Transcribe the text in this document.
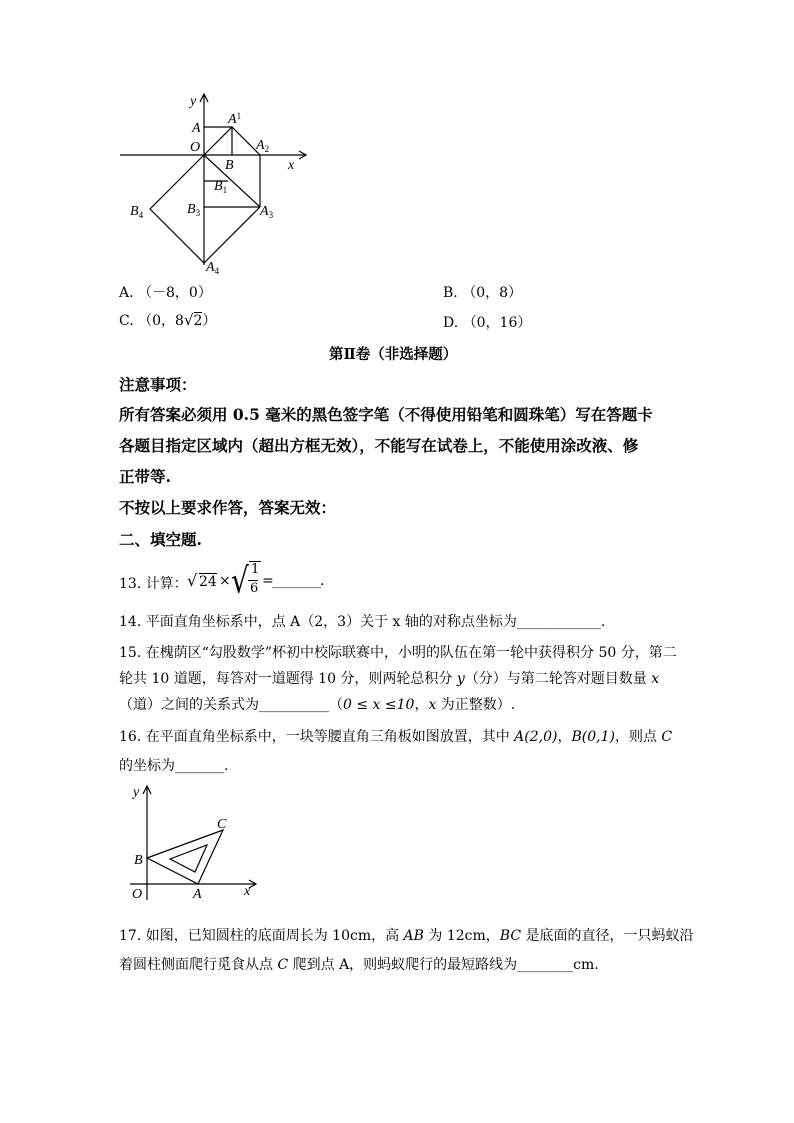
y
x
A
$A^1$
O	$A_2$
B
$B_1$
$B_4$	$B_3$	$A_3$
$A_4$
A. （－8，0）	B. （0，8）
C. （0，8√2）	D. （0，16）
第Ⅱ卷（非选择题）
注意事项：
所有答案必须用 0.5 毫米的黑色签字笔（不得使用铅笔和圆珠笔）写在答题卡
各题目指定区域内（超出方框无效），不能写在试卷上，不能使用涂改液、修
正带等.
不按以上要求作答，答案无效：
二、填空题.
13. 计算： √ 24 × √ 1
6 =
_______ .
14. 平面直角坐标系中，点 A（2，3）关于 x 轴的对称点坐标为____________.
15. 在槐荫区“勾股数学”杯初中校际联赛中，小明的队伍在第一轮中获得积分 50 分，第二
轮共 10 道题，每答对一道题得 10 分，则两轮总积分 y（分）与第二轮答对题目数量 x
（道）之间的关系式为__________（0 ≤ x ≤10，x 为正整数）.
16. 在平面直角坐标系中，一块等腰直角三角板如图放置，其中 A(2,0)，B(0,1)，则点 C
的坐标为_______.
y
x
C
B
O	A
17. 如图，已知圆柱的底面周长为 10cm，高 AB 为 12cm，BC 是底面的直径，一只蚂蚁沿
着圆柱侧面爬行觅食从点 C 爬到点 A，则蚂蚁爬行的最短路线为________cm.
